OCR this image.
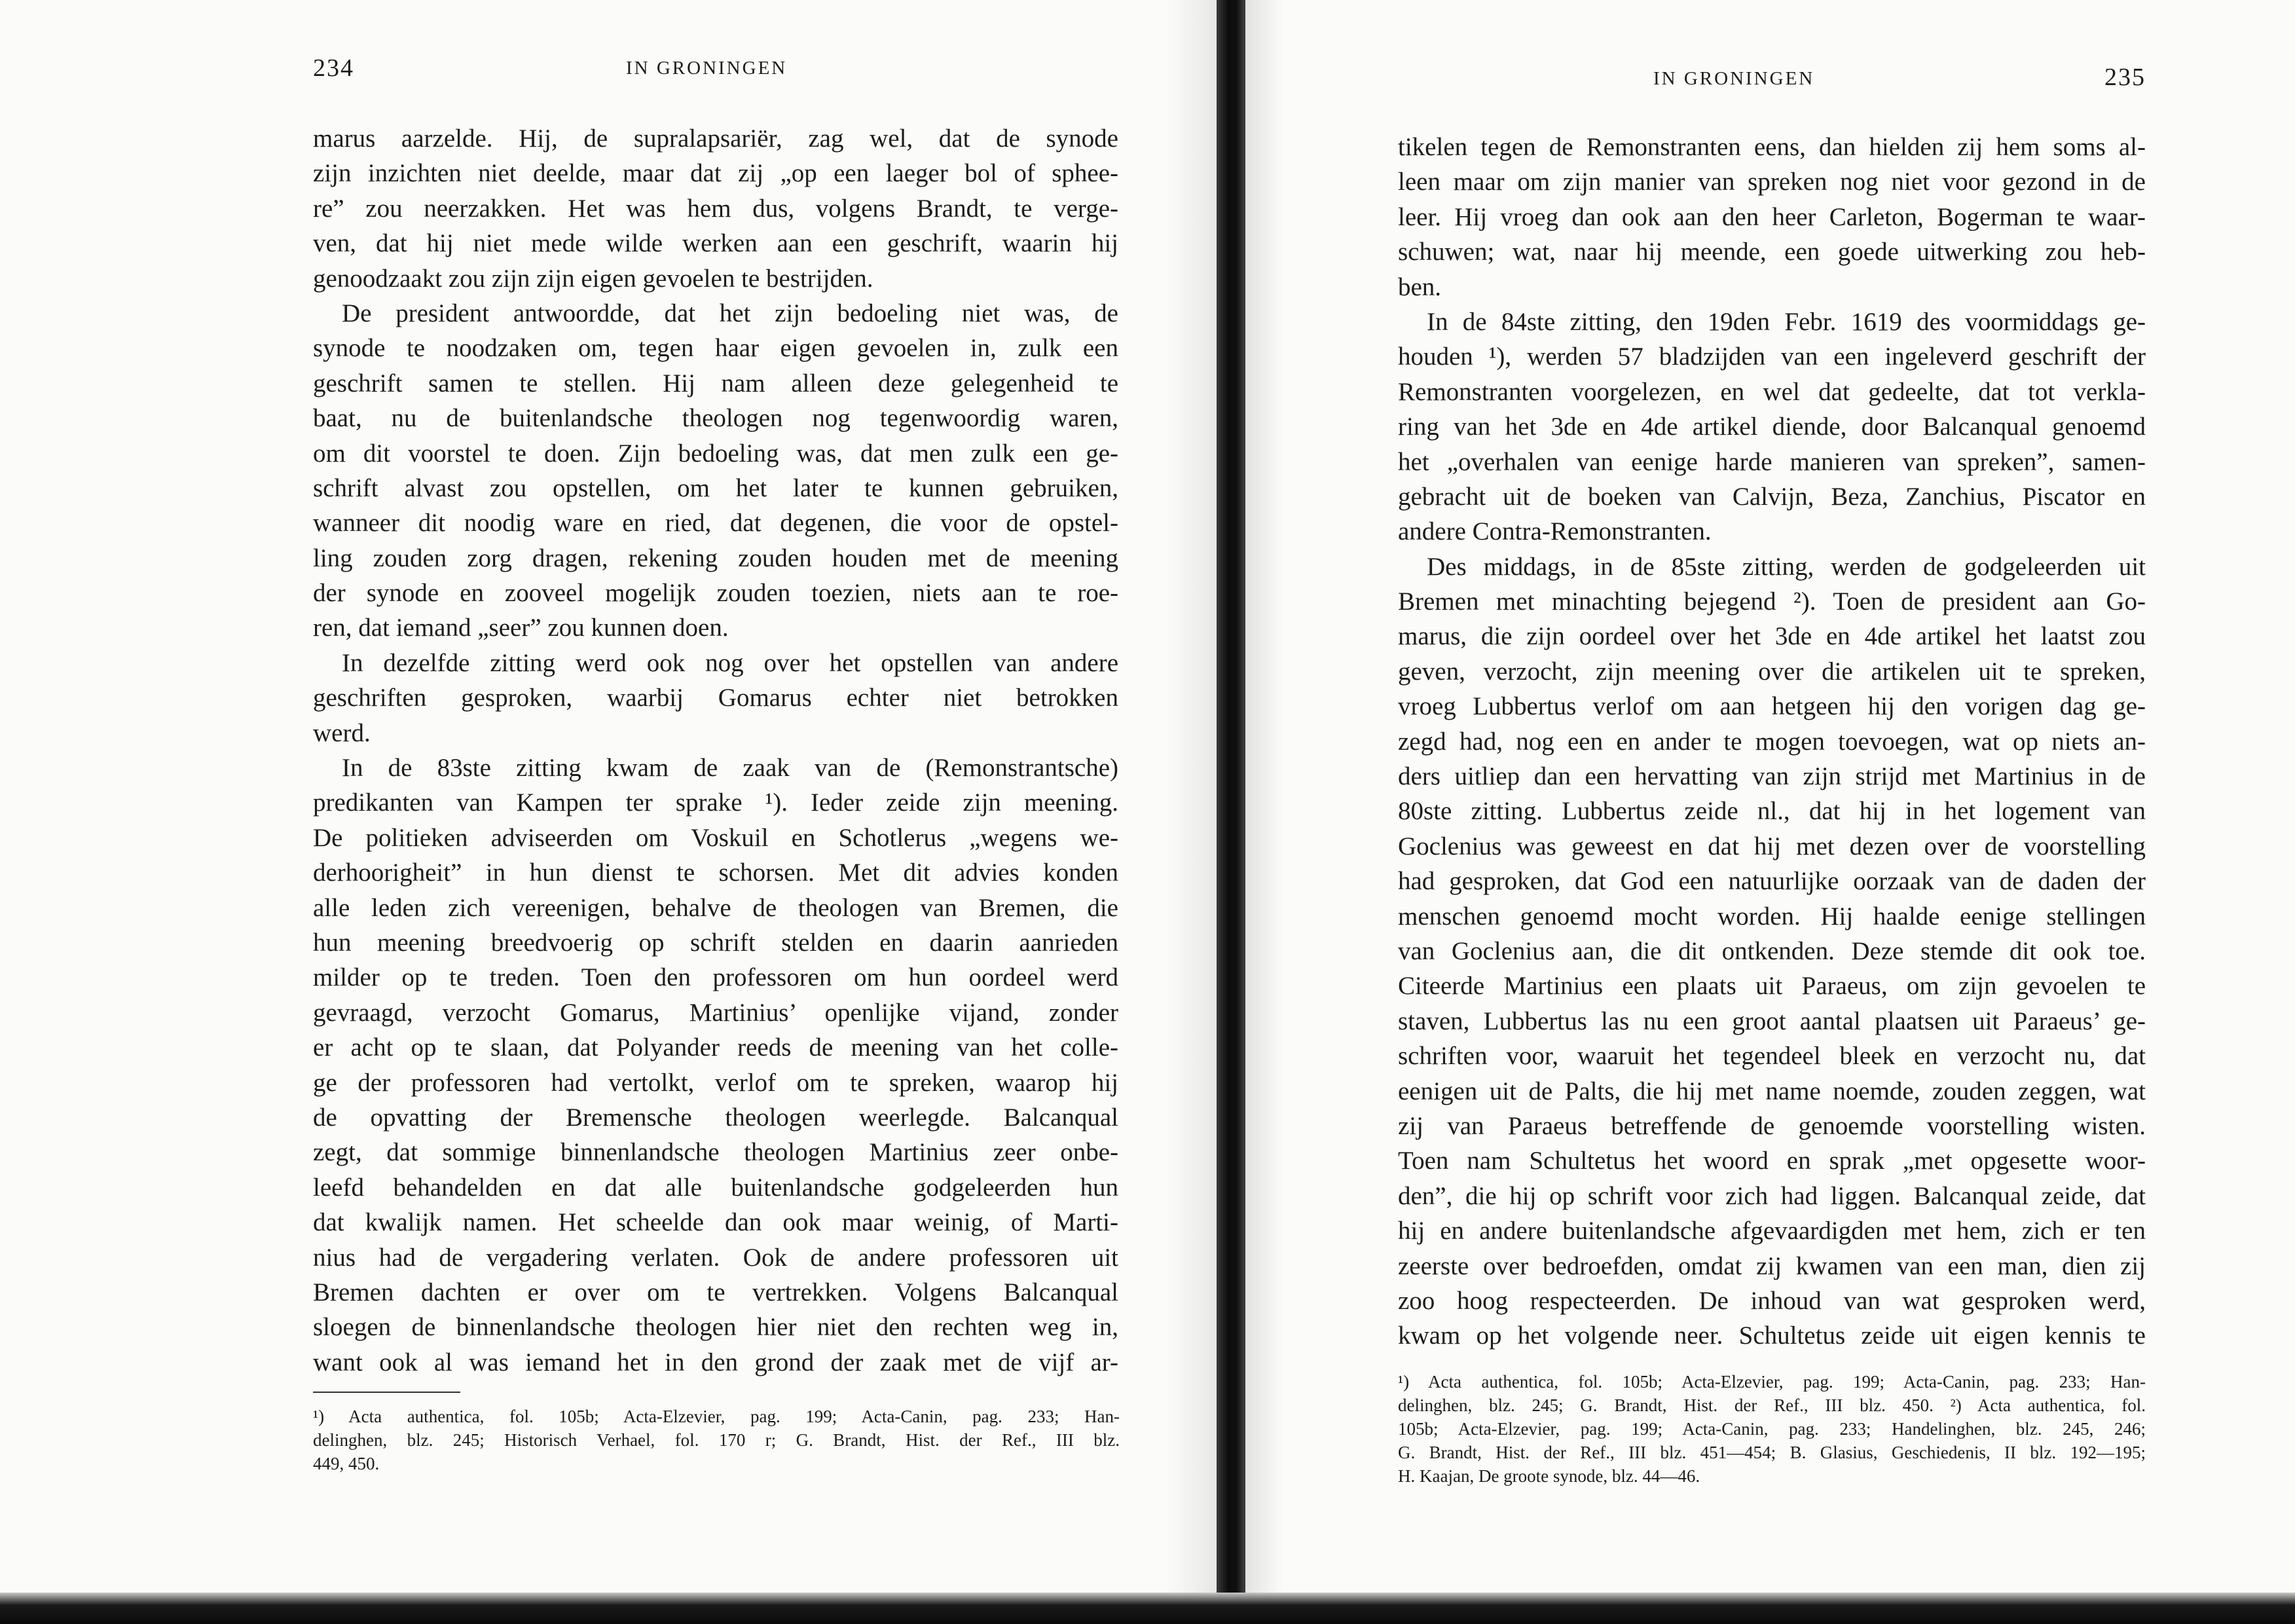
234	IN GRONINGEN
marus aarzelde. Hij, de supralapsariër, zag wel, dat de synode
zijn inzichten niet deelde, maar dat zij „op een laeger bol of sphee-
re” zou neerzakken. Het was hem dus, volgens Brandt, te verge-
ven, dat hij niet mede wilde werken aan een geschrift, waarin hij
genoodzaakt zou zijn zijn eigen gevoelen te bestrijden.
De president antwoordde, dat het zijn bedoeling niet was, de
synode te noodzaken om, tegen haar eigen gevoelen in, zulk een
geschrift samen te stellen. Hij nam alleen deze gelegenheid te
baat, nu de buitenlandsche theologen nog tegenwoordig waren,
om dit voorstel te doen. Zijn bedoeling was, dat men zulk een ge-
schrift alvast zou opstellen, om het later te kunnen gebruiken,
wanneer dit noodig ware en ried, dat degenen, die voor de opstel-
ling zouden zorg dragen, rekening zouden houden met de meening
der synode en zooveel mogelijk zouden toezien, niets aan te roe-
ren, dat iemand „seer” zou kunnen doen.
In dezelfde zitting werd ook nog over het opstellen van andere
geschriften gesproken, waarbij Gomarus echter niet betrokken
werd.
In de 83ste zitting kwam de zaak van de (Remonstrantsche)
predikanten van Kampen ter sprake ¹). Ieder zeide zijn meening.
De politieken adviseerden om Voskuil en Schotlerus „wegens we-
derhoorigheit” in hun dienst te schorsen. Met dit advies konden
alle leden zich vereenigen, behalve de theologen van Bremen, die
hun meening breedvoerig op schrift stelden en daarin aanrieden
milder op te treden. Toen den professoren om hun oordeel werd
gevraagd, verzocht Gomarus, Martinius’ openlijke vijand, zonder
er acht op te slaan, dat Polyander reeds de meening van het colle-
ge der professoren had vertolkt, verlof om te spreken, waarop hij
de opvatting der Bremensche theologen weerlegde. Balcanqual
zegt, dat sommige binnenlandsche theologen Martinius zeer onbe-
leefd behandelden en dat alle buitenlandsche godgeleerden hun
dat kwalijk namen. Het scheelde dan ook maar weinig, of Marti-
nius had de vergadering verlaten. Ook de andere professoren uit
Bremen dachten er over om te vertrekken. Volgens Balcanqual
sloegen de binnenlandsche theologen hier niet den rechten weg in,
want ook al was iemand het in den grond der zaak met de vijf ar-
¹) Acta authentica, fol. 105b; Acta-Elzevier, pag. 199; Acta-Canin, pag. 233; Han-
delinghen, blz. 245; Historisch Verhael, fol. 170 r; G. Brandt, Hist. der Ref., III blz.
449, 450.
IN GRONINGEN	235
tikelen tegen de Remonstranten eens, dan hielden zij hem soms al-
leen maar om zijn manier van spreken nog niet voor gezond in de
leer. Hij vroeg dan ook aan den heer Carleton, Bogerman te waar-
schuwen; wat, naar hij meende, een goede uitwerking zou heb-
ben.
In de 84ste zitting, den 19den Febr. 1619 des voormiddags ge-
houden ¹), werden 57 bladzijden van een ingeleverd geschrift der
Remonstranten voorgelezen, en wel dat gedeelte, dat tot verkla-
ring van het 3de en 4de artikel diende, door Balcanqual genoemd
het „overhalen van eenige harde manieren van spreken”, samen-
gebracht uit de boeken van Calvijn, Beza, Zanchius, Piscator en
andere Contra-Remonstranten.
Des middags, in de 85ste zitting, werden de godgeleerden uit
Bremen met minachting bejegend ²). Toen de president aan Go-
marus, die zijn oordeel over het 3de en 4de artikel het laatst zou
geven, verzocht, zijn meening over die artikelen uit te spreken,
vroeg Lubbertus verlof om aan hetgeen hij den vorigen dag ge-
zegd had, nog een en ander te mogen toevoegen, wat op niets an-
ders uitliep dan een hervatting van zijn strijd met Martinius in de
80ste zitting. Lubbertus zeide nl., dat hij in het logement van
Goclenius was geweest en dat hij met dezen over de voorstelling
had gesproken, dat God een natuurlijke oorzaak van de daden der
menschen genoemd mocht worden. Hij haalde eenige stellingen
van Goclenius aan, die dit ontkenden. Deze stemde dit ook toe.
Citeerde Martinius een plaats uit Paraeus, om zijn gevoelen te
staven, Lubbertus las nu een groot aantal plaatsen uit Paraeus’ ge-
schriften voor, waaruit het tegendeel bleek en verzocht nu, dat
eenigen uit de Palts, die hij met name noemde, zouden zeggen, wat
zij van Paraeus betreffende de genoemde voorstelling wisten.
Toen nam Schultetus het woord en sprak „met opgesette woor-
den”, die hij op schrift voor zich had liggen. Balcanqual zeide, dat
hij en andere buitenlandsche afgevaardigden met hem, zich er ten
zeerste over bedroefden, omdat zij kwamen van een man, dien zij
zoo hoog respecteerden. De inhoud van wat gesproken werd,
kwam op het volgende neer. Schultetus zeide uit eigen kennis te
¹) Acta authentica, fol. 105b; Acta-Elzevier, pag. 199; Acta-Canin, pag. 233; Han-
delinghen, blz. 245; G. Brandt, Hist. der Ref., III blz. 450. ²) Acta authentica, fol.
105b; Acta-Elzevier, pag. 199; Acta-Canin, pag. 233; Handelinghen, blz. 245, 246;
G. Brandt, Hist. der Ref., III blz. 451—454; B. Glasius, Geschiedenis, II blz. 192—195;
H. Kaajan, De groote synode, blz. 44—46.
